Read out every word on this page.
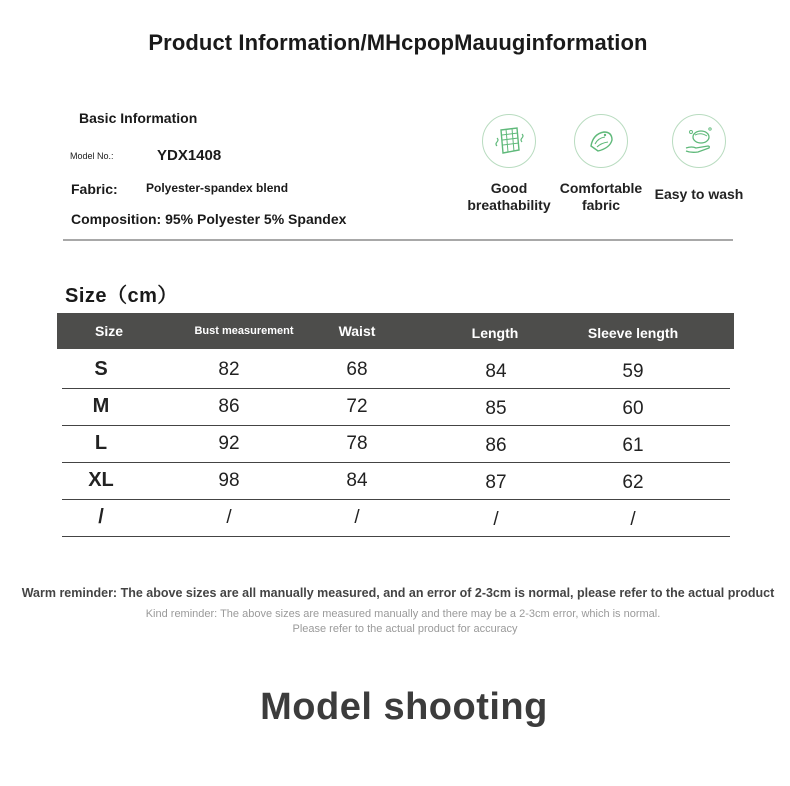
Product Information/MHcpopMauuginformation
Basic Information
Model No.:	YDX1408
Fabric: Polyester-spandex blend
Composition: 95% Polyester 5% Spandex
Good
breathability
Comfortable
fabric
Easy to wash
Size（cm）
Size	Bust measurement	Waist	Length	Sleeve length
S	82	68	84	59
M	86	72	85	60
L	92	78	86	61
XL	98	84	87	62
/	/	/	/	/
Warm reminder: The above sizes are all manually measured, and an error of 2-3cm is normal, please refer to the actual product
Kind reminder: The above sizes are measured manually and there may be a 2-3cm error, which is normal.
Please refer to the actual product for accuracy
Model shooting
